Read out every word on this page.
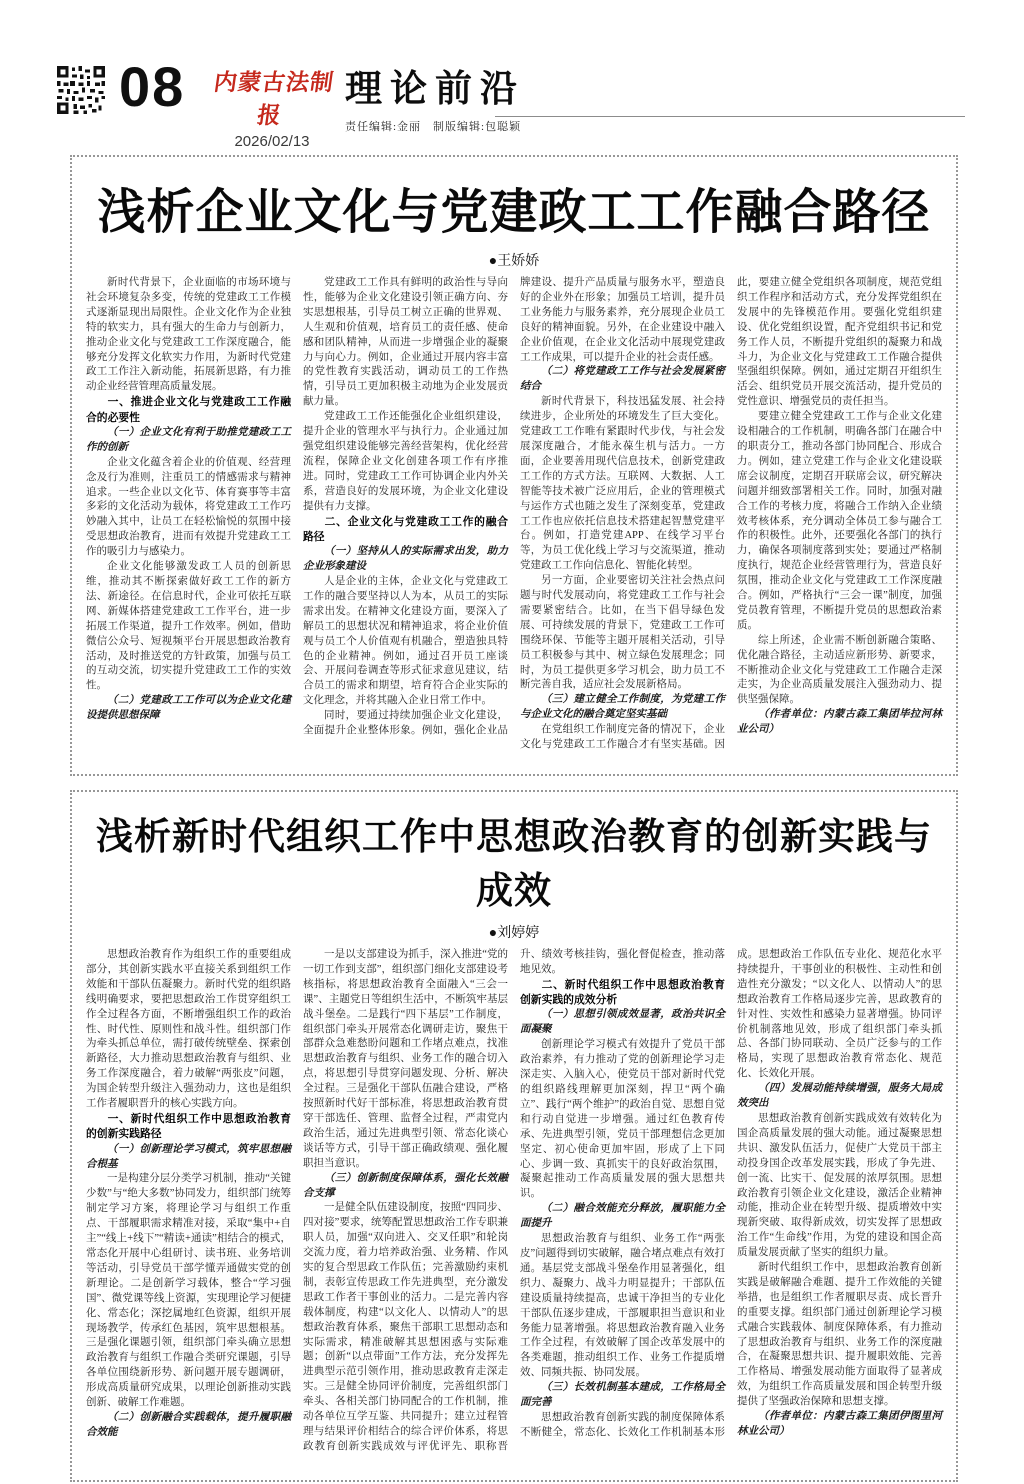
08 内蒙古法制报
2026/02/13
理论前沿
责任编辑:金丽　制版编辑:包聪颖
浅析企业文化与党建政工工作融合路径
●王娇娇

新时代背景下，企业面临的市场环境与社会环境复杂多变，传统的党建政工工作模式逐渐显现出局限性。企业文化作为企业独特的软实力，具有强大的生命力与创新力，推动企业文化与党建政工工作深度融合，能够充分发挥文化软实力作用，为新时代党建政工工作注入新动能，拓展新思路，有力推动企业经营管理高质量发展。

一、推进企业文化与党建政工工作融合的必要性

（一）企业文化有利于助推党建政工工作的创新

企业文化蕴含着企业的价值观、经营理念及行为准则，注重员工的情感需求与精神追求。一些企业以文化节、体育赛事等丰富多彩的文化活动为载体，将党建政工工作巧妙融入其中，让员工在轻松愉悦的氛围中接受思想政治教育，进而有效提升党建政工工作的吸引力与感染力。

企业文化能够激发政工人员的创新思维，推动其不断探索做好政工工作的新方法、新途径。在信息时代，企业可依托互联网、新媒体搭建党建政工工作平台，进一步拓展工作渠道，提升工作效率。例如，借助微信公众号、短视频平台开展思想政治教育活动，及时推送党的方针政策，加强与员工的互动交流，切实提升党建政工工作的实效性。

（二）党建政工工作可以为企业文化建设提供思想保障

党建政工工作具有鲜明的政治性与导向性，能够为企业文化建设引领正确方向、夯实思想根基，引导员工树立正确的世界观、人生观和价值观，培育员工的责任感、使命感和团队精神，从而进一步增强企业的凝聚力与向心力。例如，企业通过开展内容丰富的党性教育实践活动，调动员工的工作热情，引导员工更加积极主动地为企业发展贡献力量。

党建政工工作还能强化企业组织建设，提升企业的管理水平与执行力。企业通过加强党组织建设能够完善经营架构，优化经营流程，保障企业文化创建各项工作有序推进。同时，党建政工工作可协调企业内外关系，营造良好的发展环境，为企业文化建设提供有力支撑。

二、企业文化与党建政工工作的融合路径

（一）坚持从人的实际需求出发，助力企业形象建设

人是企业的主体，企业文化与党建政工工作的融合要坚持以人为本，从员工的实际需求出发。在精神文化建设方面，要深入了解员工的思想状况和精神追求，将企业价值观与员工个人价值观有机融合，塑造独具特色的企业精神。例如，通过召开员工座谈会、开展问卷调查等形式征求意见建议，结合员工的需求和期望，培育符合企业实际的文化理念，并将其融入企业日常工作中。

同时，要通过持续加强企业文化建设，全面提升企业整体形象。例如，强化企业品牌建设、提升产品质量与服务水平，塑造良好的企业外在形象；加强员工培训，提升员工业务能力与服务素养，充分展现企业员工良好的精神面貌。另外，在企业建设中融入企业价值观，在企业文化活动中展现党建政工工作成果，可以提升企业的社会责任感。

（二）将党建政工工作与社会发展紧密结合

新时代背景下，科技迅猛发展、社会持续进步，企业所处的环境发生了巨大变化。党建政工工作唯有紧跟时代步伐，与社会发展深度融合，才能永葆生机与活力。一方面，企业要善用现代信息技术，创新党建政工工作的方式方法。互联网、大数据、人工智能等技术被广泛应用后，企业的管理模式与运作方式也随之发生了深刻变革，党建政工工作也应依托信息技术搭建起智慧党建平台。例如，打造党建APP、在线学习平台等，为员工优化线上学习与交流渠道，推动党建政工工作向信息化、智能化转型。

另一方面，企业要密切关注社会热点问题与时代发展动向，将党建政工工作与社会需要紧密结合。比如，在当下倡导绿色发展、可持续发展的背景下，党建政工工作可围绕环保、节能等主题开展相关活动，引导员工积极参与其中、树立绿色发展理念；同时，为员工提供更多学习机会，助力员工不断完善自我，适应社会发展新格局。

（三）建立健全工作制度，为党建工作与企业文化的融合奠定坚实基础

在党组织工作制度完备的情况下，企业文化与党建政工工作融合才有坚实基础。因此，要建立健全党组织各项制度，规范党组织工作程序和活动方式，充分发挥党组织在发展中的先锋模范作用。要强化党组织建设、优化党组织设置，配齐党组织书记和党务工作人员，不断提升党组织的凝聚力和战斗力，为企业文化与党建政工工作融合提供坚强组织保障。例如，通过定期召开组织生活会、组织党员开展交流活动，提升党员的党性意识、增强党员的责任担当。

要建立健全党建政工工作与企业文化建设相融合的工作机制，明确各部门在融合中的职责分工，推动各部门协同配合、形成合力。例如，建立党建工作与企业文化建设联席会议制度，定期召开联席会议，研究解决问题并细致部署相关工作。同时，加强对融合工作的考核力度，将融合工作纳入企业绩效考核体系，充分调动全体员工参与融合工作的积极性。此外，还要强化各部门的执行力，确保各项制度落到实处；要通过严格制度执行，规范企业经营管理行为，营造良好氛围，推动企业文化与党建政工工作深度融合。例如，严格执行“三会一课”制度，加强党员教育管理，不断提升党员的思想政治素质。

综上所述，企业需不断创新融合策略、优化融合路径，主动适应新形势、新要求，不断推动企业文化与党建政工工作融合走深走实，为企业高质量发展注入强劲动力、提供坚强保障。

（作者单位：内蒙古森工集团毕拉河林业公司）

浅析新时代组织工作中思想政治教育的创新实践与成效
●刘婷婷

思想政治教育作为组织工作的重要组成部分，其创新实践水平直接关系到组织工作效能和干部队伍凝聚力。新时代党的组织路线明确要求，要把思想政治工作贯穿组织工作全过程各方面，不断增强组织工作的政治性、时代性、原则性和战斗性。组织部门作为牵头抓总单位，需打破传统壁垒、探索创新路径，大力推动思想政治教育与组织、业务工作深度融合，着力破解“两张皮”问题，为国企转型升级注入强劲动力，这也是组织工作者履职晋升的核心实践方向。

一、新时代组织工作中思想政治教育的创新实践路径

（一）创新理论学习模式，筑牢思想融合根基

一是构建分层分类学习机制，推动“关键少数”与“绝大多数”协同发力，组织部门统筹制定学习方案，将理论学习与组织工作重点、干部履职需求精准对接，采取“集中+自主”“线上+线下”“精读+通读”相结合的模式，常态化开展中心组研讨、读书班、业务培训等活动，引导党员干部学懂弄通做实党的创新理论。二是创新学习载体，整合“学习强国”、微党课等线上资源，实现理论学习便捷化、常态化；深挖属地红色资源，组织开展现场教学，传承红色基因，筑牢思想根基。三是强化课题引领，组织部门牵头确立思想政治教育与组织工作融合类研究课题，引导各单位围绕新形势、新问题开展专题调研，形成高质量研究成果，以理论创新推动实践创新、破解工作难题。

（二）创新融合实践载体，提升履职融合效能

一是以支部建设为抓手，深入推进“党的一切工作到支部”，组织部门细化支部建设考核指标，将思想政治教育全面融入“三会一课”、主题党日等组织生活中，不断筑牢基层战斗堡垒。二是践行“四下基层”工作制度，组织部门牵头开展常态化调研走访，聚焦干部群众急难愁盼问题和工作堵点难点，找准思想政治教育与组织、业务工作的融合切入点，将思想引导贯穿问题发现、分析、解决全过程。三是强化干部队伍融合建设，严格按照新时代好干部标准，将思想政治教育贯穿干部选任、管理、监督全过程，严肃党内政治生活，通过先进典型引领、常态化谈心谈话等方式，引导干部正确政绩观、强化履职担当意识。

（三）创新制度保障体系，强化长效融合支撑

一是健全队伍建设制度，按照“四同步、四对接”要求，统筹配置思想政治工作专职兼职人员，加强“双向进入、交叉任职”和轮岗交流力度，着力培养政治强、业务精、作风实的复合型思政工作队伍；完善激励约束机制，表彰宣传思政工作先进典型，充分激发思政工作者干事创业的活力。二是完善内容载体制度，构建“以文化人、以情动人”的思想政治教育体系，聚焦干部职工思想动态和实际需求，精准破解其思想困惑与实际难题；创新“以点带面”工作方法，充分发挥先进典型示范引领作用，推动思政教育走深走实。三是健全协同评价制度，完善组织部门牵头、各相关部门协同配合的工作机制，推动各单位互学互鉴、共同提升；建立过程管理与结果评价相结合的综合评价体系，将思政教育创新实践成效与评优评先、职称晋升、绩效考核挂钩，强化督促检查，推动落地见效。

二、新时代组织工作中思想政治教育创新实践的成效分析

（一）思想引领成效显著，政治共识全面凝聚

创新理论学习模式有效提升了党员干部政治素养，有力推动了党的创新理论学习走深走实、入脑入心，使党员干部对新时代党的组织路线理解更加深刻，捍卫“两个确立”、践行“两个维护”的政治自觉、思想自觉和行动自觉进一步增强。通过红色教育传承、先进典型引领，党员干部理想信念更加坚定、初心使命更加牢固，形成了上下同心、步调一致、真抓实干的良好政治氛围，凝聚起推动工作高质量发展的强大思想共识。

（二）融合效能充分释放，履职能力全面提升

思想政治教育与组织、业务工作“两张皮”问题得到切实破解，融合堵点难点有效打通。基层党支部战斗堡垒作用显著强化，组织力、凝聚力、战斗力明显提升；干部队伍建设质量持续提高，忠诚干净担当的专业化干部队伍逐步建成，干部履职担当意识和业务能力显著增强。将思想政治教育融入业务工作全过程，有效破解了国企改革发展中的各类难题，推动组织工作、业务工作提质增效、同频共振、协同发展。

（三）长效机制基本建成，工作格局全面完善

思想政治教育创新实践的制度保障体系不断健全，常态化、长效化工作机制基本形成。思想政治工作队伍专业化、规范化水平持续提升，干事创业的积极性、主动性和创造性充分激发；“以文化人、以情动人”的思想政治教育工作格局逐步完善，思政教育的针对性、实效性和感染力显著增强。协同评价机制落地见效，形成了组织部门牵头抓总、各部门协同联动、全员广泛参与的工作格局，实现了思想政治教育常态化、规范化、长效化开展。

（四）发展动能持续增强，服务大局成效突出

思想政治教育创新实践成效有效转化为国企高质量发展的强大动能。通过凝聚思想共识、激发队伍活力，促使广大党员干部主动投身国企改革发展实践，形成了争先进、创一流、比实干、促发展的浓厚氛围。思想政治教育引领企业文化建设，激活企业精神动能，推动企业在转型升级、提质增效中实现新突破、取得新成效，切实发挥了思想政治工作“生命线”作用，为党的建设和国企高质量发展贡献了坚实的组织力量。

新时代组织工作中，思想政治教育创新实践是破解融合难题、提升工作效能的关键举措，也是组织工作者履职尽责、成长晋升的重要支撑。组织部门通过创新理论学习模式融合实践载体、制度保障体系，有力推动了思想政治教育与组织、业务工作的深度融合，在凝聚思想共识、提升履职效能、完善工作格局、增强发展动能方面取得了显著成效，为组织工作高质量发展和国企转型升级提供了坚强政治保障和思想支撑。

（作者单位：内蒙古森工集团伊图里河林业公司）
